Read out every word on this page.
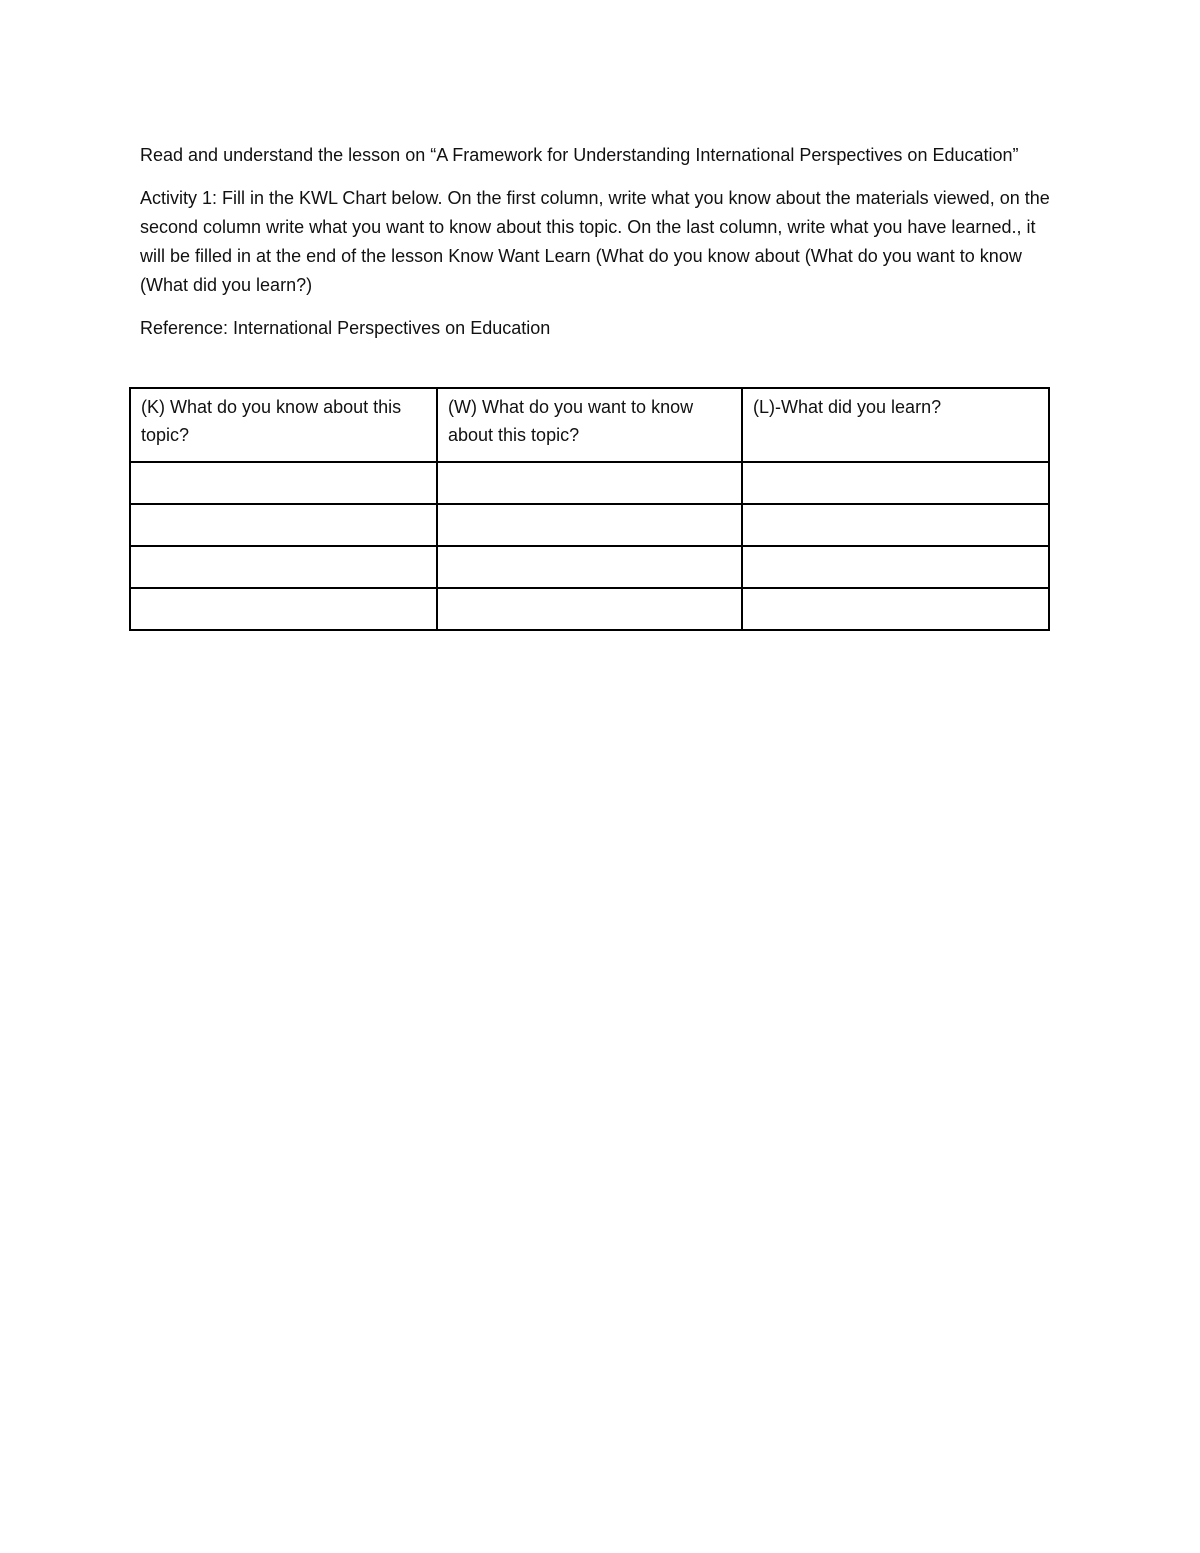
Read and understand the lesson on “A Framework for Understanding International Perspectives on Education”

Activity 1: Fill in the KWL Chart below. On the first column, write what you know about the materials viewed, on the second column write what you want to know about this topic. On the last column, write what you have learned., it will be filled in at the end of the lesson Know Want Learn (What do you know about (What do you want to know (What did you learn?)

Reference: International Perspectives on Education

(K) What do you know about this topic?	(W) What do you want to know about this topic?	(L)-What did you learn?
